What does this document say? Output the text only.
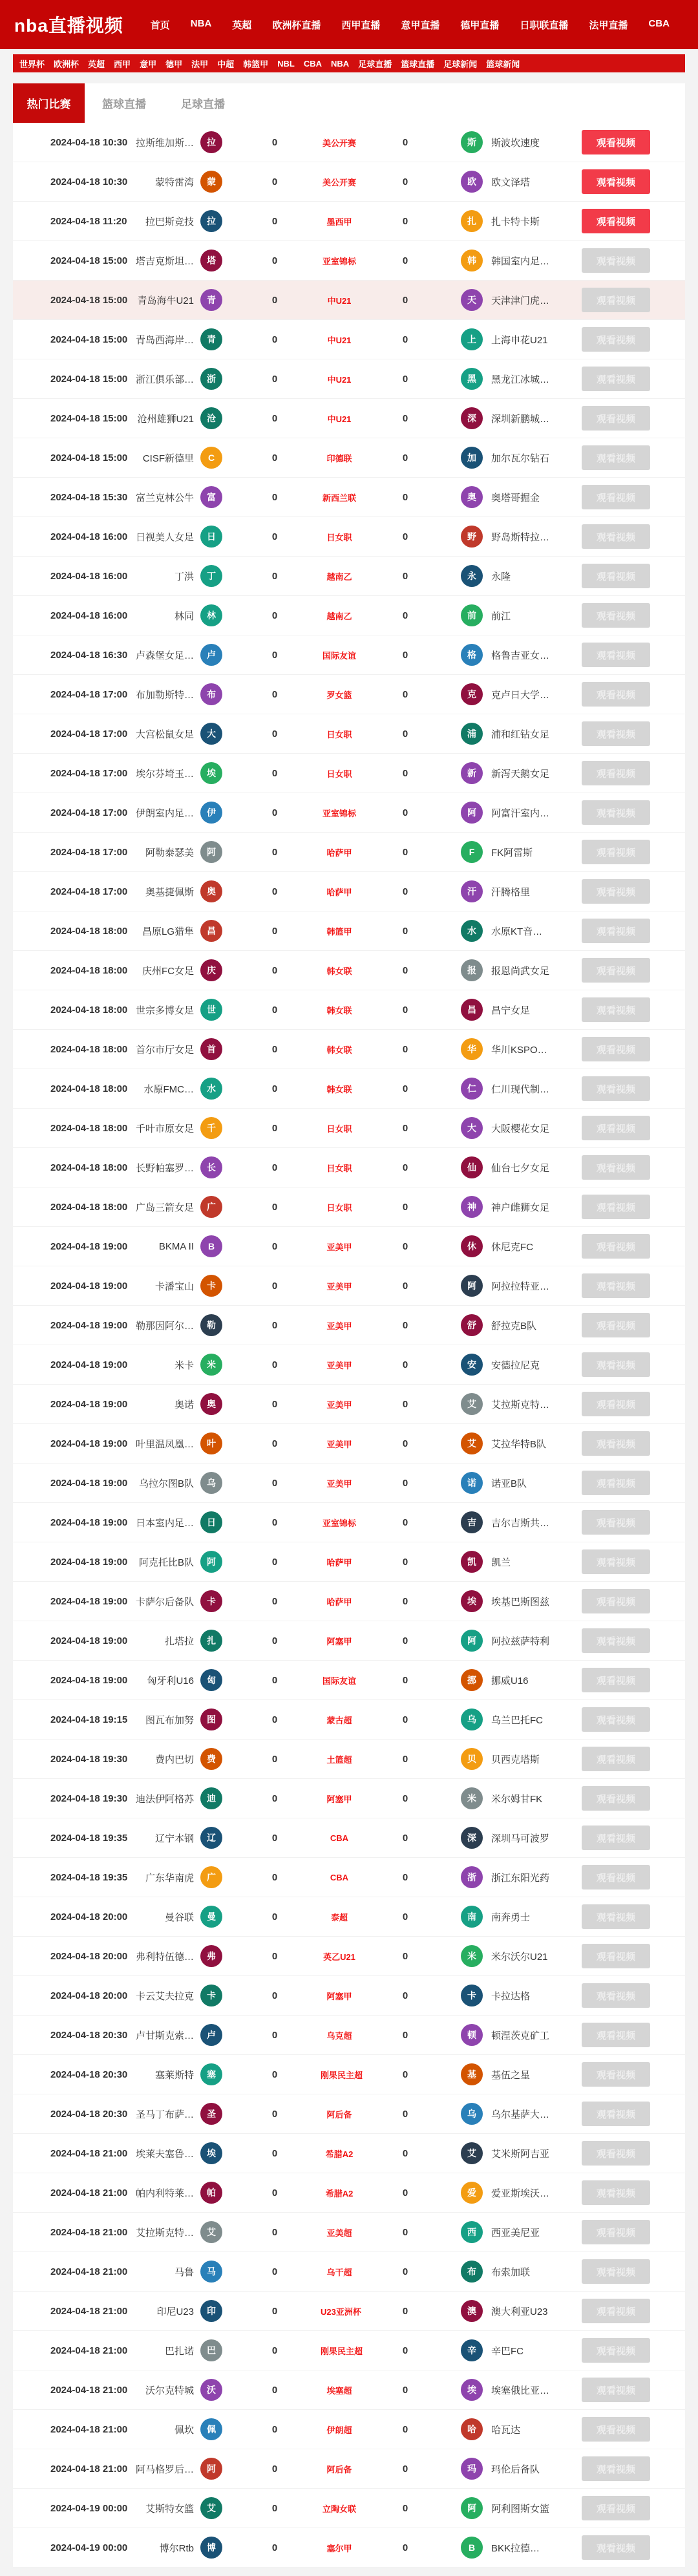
nba直播视频	首页 NBA 英超 欧洲杯直播 西甲直播 意甲直播 德甲直播 日职联直播 法甲直播 CBA
世界杯 欧洲杯 英超 西甲 意甲 德甲 法甲 中超 韩篮甲 NBL CBA NBA 足球直播 篮球直播 足球新闻 篮球新闻
热门比赛	篮球直播	足球直播
2024-04-18 10:30 拉斯维加斯…	拉	0	美公开赛	0	斯	斯波坎速度	观看视频
2024-04-18 10:30	蒙特雷湾	蒙	0	美公开赛	0	欧	欧文泽塔	观看视频
2024-04-18 11:20	拉巴斯竞技	拉	0	墨西甲	0	扎	扎卡特卡斯	观看视频
2024-04-18 15:00 塔吉克斯坦…	塔	0	亚室锦标	0	韩	韩国室内足…	观看视频
2024-04-18 15:00	青岛海牛U21	青	0	中U21	0	天	天津津门虎…	观看视频
2024-04-18 15:00 青岛西海岸…	青	0	中U21	0	上	上海申花U21	观看视频
2024-04-18 15:00 浙江俱乐部…	浙	0	中U21	0	黑	黑龙江冰城…	观看视频
2024-04-18 15:00	沧州雄狮U21	沧	0	中U21	0	深	深圳新鹏城…	观看视频
2024-04-18 15:00	CISF新德里	C	0	印德联	0	加	加尔瓦尔钻石	观看视频
2024-04-18 15:30 富兰克林公牛	富	0	新西兰联	0	奥	奥塔哥掘金	观看视频
2024-04-18 16:00 日视美人女足	日	0	日女职	0	野	野岛斯特拉…	观看视频
2024-04-18 16:00	丁洪	丁	0	越南乙	0	永	永隆	观看视频
2024-04-18 16:00	林同	林	0	越南乙	0	前	前江	观看视频
2024-04-18 16:30 卢森堡女足…	卢	0	国际友谊	0	格	格鲁吉亚女…	观看视频
2024-04-18 17:00 布加勒斯特…	布	0	罗女篮	0	克	克卢日大学…	观看视频
2024-04-18 17:00 大宫松鼠女足	大	0	日女职	0	浦	浦和红钻女足	观看视频
2024-04-18 17:00 埃尔芬埼玉…	埃	0	日女职	0	新	新泻天鹅女足	观看视频
2024-04-18 17:00 伊朗室内足…	伊	0	亚室锦标	0	阿	阿富汗室内…	观看视频
2024-04-18 17:00	阿勒泰瑟美	阿	0	哈萨甲	0	F	FK阿雷斯	观看视频
2024-04-18 17:00	奥基捷佩斯	奥	0	哈萨甲	0	汗	汗腾格里	观看视频
2024-04-18 18:00	昌原LG猎隼	昌	0	韩篮甲	0	水	水原KT音…	观看视频
2024-04-18 18:00	庆州FC女足	庆	0	韩女联	0	报	报恩尚武女足	观看视频
2024-04-18 18:00 世宗多博女足	世	0	韩女联	0	昌	昌宁女足	观看视频
2024-04-18 18:00 首尔市厅女足	首	0	韩女联	0	华	华川KSPO…	观看视频
2024-04-18 18:00	水原FMC…	水	0	韩女联	0	仁	仁川现代制…	观看视频
2024-04-18 18:00 千叶市原女足	千	0	日女职	0	大	大阪樱花女足	观看视频
2024-04-18 18:00 长野帕塞罗…	长	0	日女职	0	仙	仙台七夕女足	观看视频
2024-04-18 18:00 广岛三箭女足	广	0	日女职	0	神	神户雌狮女足	观看视频
2024-04-18 19:00	BKMA II	B	0	亚美甲	0	休	休尼克FC	观看视频
2024-04-18 19:00	卡潘宝山	卡	0	亚美甲	0	阿	阿拉拉特亚…	观看视频
2024-04-18 19:00 勒那因阿尔…	勒	0	亚美甲	0	舒	舒拉克B队	观看视频
2024-04-18 19:00	米卡	米	0	亚美甲	0	安	安德拉尼克	观看视频
2024-04-18 19:00	奥诺	奥	0	亚美甲	0	艾	艾拉斯克特…	观看视频
2024-04-18 19:00 叶里温凤凰…	叶	0	亚美甲	0	艾	艾拉华特B队	观看视频
2024-04-18 19:00	乌拉尔图B队	乌	0	亚美甲	0	诺	诺亚B队	观看视频
2024-04-18 19:00 日本室内足…	日	0	亚室锦标	0	吉	吉尔吉斯共…	观看视频
2024-04-18 19:00	阿克托比B队	阿	0	哈萨甲	0	凯	凯兰	观看视频
2024-04-18 19:00 卡萨尔后备队	卡	0	哈萨甲	0	埃	埃基巴斯图兹	观看视频
2024-04-18 19:00	扎塔拉	扎	0	阿塞甲	0	阿	阿拉兹萨特利	观看视频
2024-04-18 19:00	匈牙利U16	匈	0	国际友谊	0	挪	挪威U16	观看视频
2024-04-18 19:15	图瓦布加努	图	0	蒙古超	0	乌	乌兰巴托FC	观看视频
2024-04-18 19:30	费内巴切	费	0	土篮超	0	贝	贝西克塔斯	观看视频
2024-04-18 19:30 迪法伊阿格苏	迪	0	阿塞甲	0	米	米尔姆甘FK	观看视频
2024-04-18 19:35	辽宁本钢	辽	0	CBA	0	深	深圳马可波罗	观看视频
2024-04-18 19:35	广东华南虎	广	0	CBA	0	浙	浙江东阳光药	观看视频
2024-04-18 20:00	曼谷联	曼	0	泰超	0	南	南奔勇士	观看视频
2024-04-18 20:00 弗利特伍德…	弗	0	英乙U21	0	米	米尔沃尔U21	观看视频
2024-04-18 20:00 卡云艾夫拉克	卡	0	阿塞甲	0	卡	卡拉达格	观看视频
2024-04-18 20:30 卢甘斯克索…	卢	0	乌克超	0	顿	顿涅茨克矿工	观看视频
2024-04-18 20:30	塞莱斯特	塞	0	刚果民主超	0	基	基伍之星	观看视频
2024-04-18 20:30 圣马丁布萨…	圣	0	阿后备	0	乌	乌尔基萨大…	观看视频
2024-04-18 21:00 埃莱夫塞鲁…	埃	0	希腊A2	0	艾	艾米斯阿吉亚	观看视频
2024-04-18 21:00 帕内利特莱…	帕	0	希腊A2	0	爱	爱亚斯埃沃…	观看视频
2024-04-18 21:00 艾拉斯克特…	艾	0	亚美超	0	西	西亚美尼亚	观看视频
2024-04-18 21:00	马鲁	马	0	乌干超	0	布	布索加联	观看视频
2024-04-18 21:00	印尼U23	印	0	U23亚洲杯	0	澳	澳大利亚U23	观看视频
2024-04-18 21:00	巴扎诺	巴	0	刚果民主超	0	辛	辛巴FC	观看视频
2024-04-18 21:00	沃尔克特城	沃	0	埃塞超	0	埃	埃塞俄比亚…	观看视频
2024-04-18 21:00	佩坎	佩	0	伊朗超	0	哈	哈瓦达	观看视频
2024-04-18 21:00 阿马格罗后…	阿	0	阿后备	0	玛	玛伦后备队	观看视频
2024-04-19 00:00	艾斯特女篮	艾	0	立陶女联	0	阿	阿利图斯女篮	观看视频
2024-04-19 00:00	博尔Rtb	博	0	塞尔甲	0	B	BKK拉德…	观看视频
